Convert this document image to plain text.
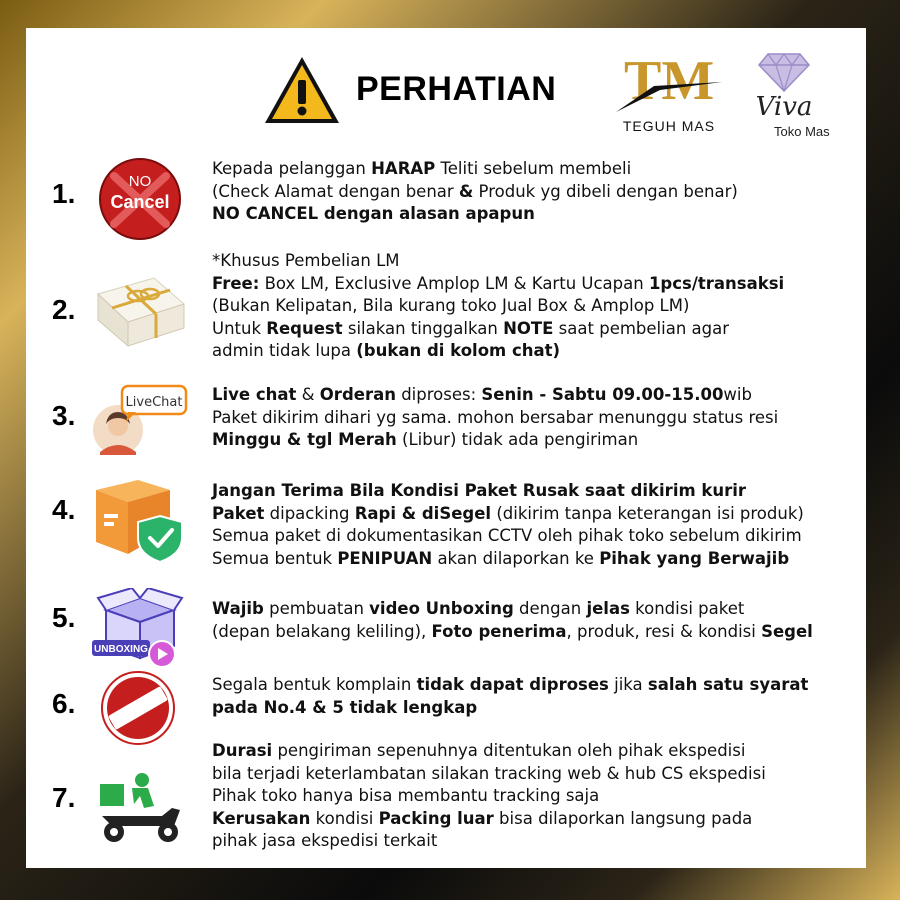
PERHATIAN TM
TEGUH MAS
Viva
Toko Mas
1.	NO
Cancel
Kepada pelanggan HARAP Teliti sebelum membeli
(Check Alamat dengan benar & Produk yg dibeli dengan benar)
NO CANCEL dengan alasan apapun
2.
*Khusus Pembelian LM
Free: Box LM, Exclusive Amplop LM & Kartu Ucapan 1pcs/transaksi
(Bukan Kelipatan, Bila kurang toko Jual Box & Amplop LM)
Untuk Request silakan tinggalkan NOTE saat pembelian agar
admin tidak lupa (bukan di kolom chat)
3.	LiveChat Live chat & Orderan diproses: Senin - Sabtu 09.00-15.00wib
Paket dikirim dihari yg sama. mohon bersabar menunggu status resi
Minggu & tgl Merah (Libur) tidak ada pengiriman
4.
Jangan Terima Bila Kondisi Paket Rusak saat dikirim kurir
Paket dipacking Rapi & diSegel (dikirim tanpa keterangan isi produk)
Semua paket di dokumentasikan CCTV oleh pihak toko sebelum dikirim
Semua bentuk PENIPUAN akan dilaporkan ke Pihak yang Berwajib
5.
UNBOXING
Wajib pembuatan video Unboxing dengan jelas kondisi paket
(depan belakang keliling), Foto penerima, produk, resi & kondisi Segel
6.
Segala bentuk komplain tidak dapat diproses jika salah satu syarat
pada No.4 & 5 tidak lengkap
7.
Durasi pengiriman sepenuhnya ditentukan oleh pihak ekspedisi
bila terjadi keterlambatan silakan tracking web & hub CS ekspedisi
Pihak toko hanya bisa membantu tracking saja
Kerusakan kondisi Packing luar bisa dilaporkan langsung pada
pihak jasa ekspedisi terkait
